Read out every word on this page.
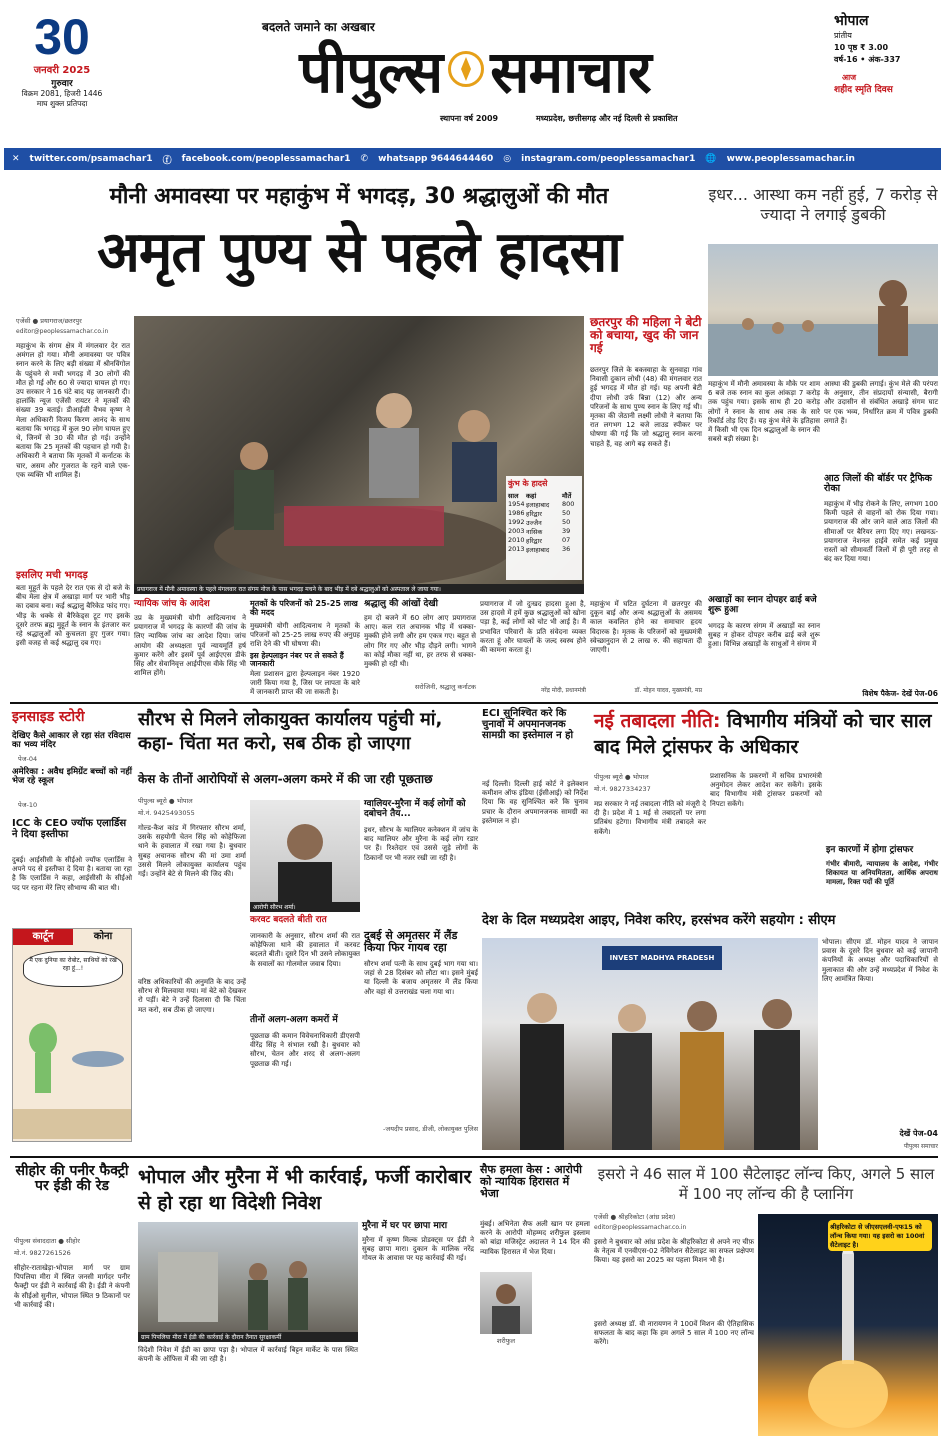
30
जनवरी 2025
गुरुवार
विक्रम 2081, हिजरी 1446
माघ शुक्ल प्रतिपदा
बदलते जमाने का अखबार
पीपुल्स समाचार
स्थापना वर्ष 2009	मध्यप्रदेश, छत्तीसगढ़ और नई दिल्ली से प्रकाशित
भोपाल
प्रांतीय
10 पृष्ठ ₹ 3.00
वर्ष-16 • अंक-337
आज
शहीद स्मृति दिवस
✕ twitter.com/psamachar1 ⓕ facebook.com/peoplessamachar1 ✆ whatsapp 9644644460 ◎ instagram.com/peoplessamachar1 🌐 www.peoplessamachar.in
मौनी अमावस्या पर महाकुंभ में भगदड़, 30 श्रद्धालुओं की मौत
अमृत पुण्य से पहले हादसा
एजेंसी ● प्रयागराज/छतरपुर
editor@peoplessamachar.co.in
महाकुंभ के संगम क्षेत्र में मंगलवार देर रात अमंगल हो गया। मौनी अमावस्या पर पवित्र स्नान करने के लिए बड़ी संख्या में श्रीनविंगोल के पहुंचने से मची भगदड़ में 30 लोगों की मौत हो गई और 60 से ज्यादा घायल हो गए। उप सरकार ने 16 घंटे बाद यह जानकारी दी। हालांकि न्यूज एजेंसी रायटर ने मृतकों की संख्या 39 बताई। डीआईजी वैभव कृष्ण ने मेला अधिकारी विजय किरण आनंद के साथ बताया कि भगदड़ में कुल 90 लोग घायल हुए थे, जिनमें से 30 की मौत हो गई। उन्होंने बताया कि 25 मृतकों की पहचान हो गयी है। अधिकारी ने बताया कि मृतकों में कर्नाटक के चार, असम और गुजरात के रहने वाले एक-एक व्यक्ति भी शामिल हैं।
इसलिए मची भगदड़
बता मुहूर्त के पहले देर रात एक से दो बजे के बीच मेला क्षेत्र में अखाड़ा मार्ग पर भारी भीड़ का दबाव बना। कई श्रद्धालु बैरिकेड फांद गए। भीड़ के धक्के से बैरिकेड्स टूट गए इसके दूसरे तरफ ब्रह्म मुहूर्त के स्नान के इंतजार कर रहे श्रद्धालुओं को कुचलता हुए गुजर गया। इसी वजह से कई श्रद्धालु दब गए।
कुंभ के हादसे
साल	कहां	मौतें
1954 इलाहाबाद	800
1986 हरिद्वार	50
1992 उज्जैन	50
2003 नासिक	39
2010 हरिद्वार	07
2013 इलाहाबाद	36
प्रयागराज में मौनी अमावस्या के पहले मंगलवार रात संगम नोज के पास भगदड़ मचने के बाद भीड़ में दबे श्रद्धालुओं को अस्पताल ले जाया गया।
छतरपुर की महिला ने बेटी को बचाया, खुद की जान गई
छतरपुर जिले के बकस्वाहा के सुनवाहा गांव निवासी दुकान लोधी (48) की मंगलवार रात हुई भगदड़ में मौत हो गई। यह अपनी बेटी दीपा लोधी उर्फ बिन्ना (12) और अन्य परिजनों के साथ पुण्य स्नान के लिए गई थी। मृतका की जेठानी लक्ष्मी लोधी ने बताया कि रात लगभग 12 बजे लाउड स्पीकर पर घोषणा की गई कि जो श्रद्धालु स्नान करना चाहते हैं, वह आगे बढ़ सकते हैं।
न्यायिक जांच के आदेश
उप्र के मुख्यमंत्री योगी आदित्यनाथ ने प्रयागराज में भगदड़ के कारणों की जांच के लिए न्यायिक जांच का आदेश दिया। जांच आयोग की अध्यक्षता पूर्व न्यायमूर्ति हर्ष कुमार करेंगे और इसमें पूर्व आईएएस डीके सिंह और सेवानिवृत्त आईपीएस वीके सिंह भी शामिल होंगे।
मृतकों के परिजनों को 25-25 लाख की मदद
मुख्यमंत्री योगी आदित्यनाथ ने मृतकों के परिजनों को 25-25 लाख रुपए की अनुग्रह राशि देने की भी घोषणा की।
इस हेल्पलाइन नंबर पर ले सकते हैं जानकारी
मेला प्रशासन द्वारा हेल्पलाइन नंबर 1920 जारी किया गया है, जिस पर लापता के बारे में जानकारी प्राप्त की जा सकती है।
श्रद्धालु की आंखों देखी
हम दो बजने में 60 लोग आए प्रयागराज आए। कल रात अचानक भीड़ में धक्का-मुक्की होने लगी और हम एकत्र गए। बहुत से लोग गिर गए और भीड़ दौड़ने लगी। भागने का कोई मौका नहीं था, हर तरफ से धक्का-मुक्की हो रही थी।
सरोजिनी, श्रद्धालु कर्नाटक
प्रयागराज में जो दुःखद हादसा हुआ है, उस हादसे में हमें कुछ श्रद्धालुओं को खोना पड़ा है, कई लोगों को चोट भी आई है। मैं प्रभावित परिवारों के प्रति संवेदना व्यक्त करता हूं और घायलों के जल्द स्वस्थ होने की कामना करता हूं।
नरेंद्र मोदी, प्रधानमंत्री
महाकुंभ में घटित दुर्घटना में छतरपुर की दुकून बाई और अन्य श्रद्धालुओं के असमय काल कवलित होने का समाचार हृदय विदारक है। मृतक के परिजनों को मुख्यमंत्री स्वेच्छानुदान से 2 लाख रु. की सहायता दी जाएगी।
डॉ. मोहन यादव, मुख्यमंत्री, मप्र
इधर... आस्था कम नहीं हुई, 7 करोड़ से ज्यादा ने लगाई डुबकी
महाकुंभ में मौनी अमावस्या के मौके पर शाम 6 बजे तक स्नान का कुल आंकड़ा 7 करोड़ तक पहुंच गया। इसके साथ ही 20 करोड़ लोगों ने स्नान के साथ अब तक के सारे रिकॉर्ड तोड़ दिए हैं। यह कुंभ मेले के इतिहास में किसी भी एक दिन श्रद्धालुओं के स्नान की सबसे बड़ी संख्या है।
आस्था की डुबकी लगाई। कुंभ मेले की परंपरा के अनुसार, तीन संप्रदायों संन्यासी, बैरागी और उदासीन से संबंधित अखाड़े संगम घाट पर एक भव्य, निर्धारित क्रम में पवित्र डुबकी लगाते हैं।
आठ जिलों की बॉर्डर पर ट्रैफिक रोका
महाकुंभ में भीड़ रोकने के लिए, लगभग 100 किमी पहले से वाहनों को रोक दिया गया। प्रयागराज की ओर जाने वाले आठ जिलों की सीमाओं पर बैरियर लगा दिए गए। लखनऊ-प्रयागराज नेशनल हाईवे समेत कई प्रमुख रास्तों को सीमावर्ती जिलों में ही पूरी तरह से बंद कर दिया गया।
अखाड़ों का स्नान दोपहर ढाई बजे शुरू हुआ
भगदड़ के कारण संगम में अखाड़ों का स्नान सुबह न होकर दोपहर करीब ढाई बजे शुरू हुआ। विभिन्न अखाड़ों के साधुओं ने संगम में
विशेष पैकेज- देखें पेज-06
इनसाइड स्टोरी
देखिए कैसे आकार ले रहा संत रविदास का भव्य मंदिर
पेज-04
अमेरिका : अवैध इमिग्रेंट बच्चों को नहीं भेज रहे स्कूल
पेज-10
ICC के CEO ज्यॉफ एलार्डिस ने दिया इस्तीफा
दुबई। आईसीसी के सीईओ ज्यॉफ एलार्डिस ने अपने पद से इस्तीफा दे दिया है। बताया जा रहा है कि एलार्डिस ने कहा, आईसीसी के सीईओ पद पर रहना मेरे लिए सौभाग्य की बात थी।
कार्टून	कोना
मैं एक दुनिया का रोबोट, साथियों को रख रहा हूं...!
सौरभ से मिलने लोकायुक्त कार्यालय पहुंची मां, कहा- चिंता मत करो, सब ठीक हो जाएगा
केस के तीनों आरोपियों से अलग-अलग कमरे में की जा रही पूछताछ
पीपुल्स ब्यूरो ● भोपाल
मो.नं. 9425493055
आरोपी सौरभ शर्मा।
गोल्ड-कैश कांड में गिरफ्तार सौरभ शर्मा, उसके सहयोगी चेतन सिंह को कोहेफिजा थाने के हवालात में रखा गया है। बुधवार सुबह अचानक सौरभ की मां उमा शर्मा उससे मिलने लोकायुक्त कार्यालय पहुंच गईं। उन्होंने बेटे से मिलने की जिद की।
वरिष्ठ अधिकारियों की अनुमति के बाद उन्हें सौरभ से मिलवाया गया। मां बेटे को देखकर रो पड़ीं। बेटे ने उन्हें दिलासा दी कि चिंता मत करो, सब ठीक हो जाएगा।
करवट बदलते बीती रात
जानकारी के अनुसार, सौरभ शर्मा की रात कोहेफिजा थाने की हवालात में करवट बदलते बीती। दूसरे दिन भी उसने लोकायुक्त के सवालों का गोलमोल जवाब दिया।
तीनों अलग-अलग कमरों में
पूछताछ की कमान विवेचनाधिकारी डीएसपी वीरेंद्र सिंह ने संभाल रखी है। बुधवार को सौरभ, चेतन और शरद से अलग-अलग पूछताछ की गई।
ग्वालियर-मुरैना में कई लोगों को दबोचने तैय...
इधर, सौरभ के ग्वालियर कनेक्शन में जांच के बाद ग्वालियर और मुरैना के कई लोग रडार पर हैं। रिश्तेदार एवं उससे जुड़े लोगों के ठिकानों पर भी नजर रखी जा रही है।
दुबई से अमृतसर में लैंड किया फिर गायब रहा
सौरभ शर्मा पत्नी के साथ दुबई भाग गया था। जहां से 28 दिसंबर को लौटा था। इसने मुंबई या दिल्ली के बजाय अमृतसर में लैंड किया और वहां से उत्तराखंड चला गया था।
-जयदीप प्रसाद, डीजी, लोकायुक्त पुलिस
ECI सुनिश्चित करे कि चुनावों में अपमानजनक सामग्री का इस्तेमाल न हो
नई दिल्ली। दिल्ली हाई कोर्ट ने इलेक्शन कमीशन ऑफ इंडिया (ईसीआई) को निर्देश दिया कि वह सुनिश्चित करे कि चुनाव प्रचार के दौरान अपमानजनक सामग्री का इस्तेमाल न हो।
नई तबादला नीति: विभागीय मंत्रियों को चार साल बाद मिले ट्रांसफर के अधिकार
पीपुल्स ब्यूरो ● भोपाल
मो.नं. 9827334237
मप्र सरकार ने नई तबादला नीति को मंजूरी दे दी है। प्रदेश में 1 मई से तबादलों पर लगा प्रतिबंध हटेगा। विभागीय मंत्री तबादले कर सकेंगे।
प्रशासनिक के प्रकरणों में सचिव प्रभारमंत्री अनुमोदन लेकर आदेश कर सकेंगे। इसके बाद विभागीय मंत्री ट्रांसफर प्रकरणों को निपटा सकेंगे।
इन कारणों में होगा ट्रांसफर
गंभीर बीमारी, न्यायालय के आदेश, गंभीर शिकायत या अनियमितता, आर्थिक अपराध मामला, रिक्त पदों की पूर्ति
देश के दिल मध्यप्रदेश आइए, निवेश करिए, हरसंभव करेंगे सहयोग : सीएम
INVEST MADHYA PRADESH
भोपाल। सीएम डॉ. मोहन यादव ने जापान प्रवास के दूसरे दिन बुधवार को कई जापानी कंपनियों के अध्यक्ष और पदाधिकारियों से मुलाकात की और उन्हें मध्यप्रदेश में निवेश के लिए आमंत्रित किया।
देखें पेज-04
पीपुल्स समाचार
सीहोर की पनीर फैक्ट्री पर ईडी की रेड
पीपुल्स संवाददाता ● सीहोर
मो.नं. 9827261526
सीहोर-राताखेड़ा-भोपाल मार्ग पर ग्राम पिपलिया मीरा में स्थित जनसी मार्गदर पनीर फैक्ट्री पर ईडी ने कार्रवाई की है। ईडी ने कंपनी के सीईओ सुनील, भोपाल स्थित 9 ठिकानों पर भी कार्रवाई की।
भोपाल और मुरैना में भी कार्रवाई, फर्जी कारोबार से हो रहा था विदेशी निवेश
ग्राम पिपलिया मीरा में ईडी की कार्रवाई के दौरान तैनात सुरक्षाकर्मी
विदेशी निवेश में ईडी का छापा पड़ा है। भोपाल में कार्रवाई बिट्टन मार्केट के पास स्थित कंपनी के ऑफिस में की जा रही है।
मुरैना में घर पर छापा मारा
मुरैना में कृष्ण मिल्क प्रोडक्ट्स पर ईडी ने सुबह छापा मारा। दुकान के मालिक नरेंद्र गोयल के आवास पर यह कार्रवाई की गई।
सैफ हमला केस : आरोपी को न्यायिक हिरासत में भेजा
मुंबई। अभिनेता सैफ अली खान पर हमला करने के आरोपी मोहम्मद शरीफुल इस्लाम को बांद्रा मजिस्ट्रेट अदालत ने 14 दिन की न्यायिक हिरासत में भेज दिया।
शरीफुल
इसरो ने 46 साल में 100 सैटेलाइट लॉन्च किए, अगले 5 साल में 100 नए लॉन्च की है प्लानिंग
एजेंसी ● श्रीहरिकोटा (आंध्र प्रदेश)
editor@peoplessamachar.co.in
इसरो ने बुधवार को आंध्र प्रदेश के श्रीहरिकोटा से अपने नए चीफ़ के नेतृत्व में एनवीएस-02 नेविगेशन सैटेलाइट का सफल प्रक्षेपण किया। यह इसरो का 2025 का पहला मिशन भी है।
इसरो अध्यक्ष डॉ. वी नारायणन ने 100वें मिशन की ऐतिहासिक सफलता के बाद कहा कि हम अगले 5 साल में 100 नए लॉन्च करेंगे।
श्रीहरिकोटा से जीएसएलवी-एफ15 को लॉन्च किया गया। यह इसरो का 100वां सैटेलाइट है।
